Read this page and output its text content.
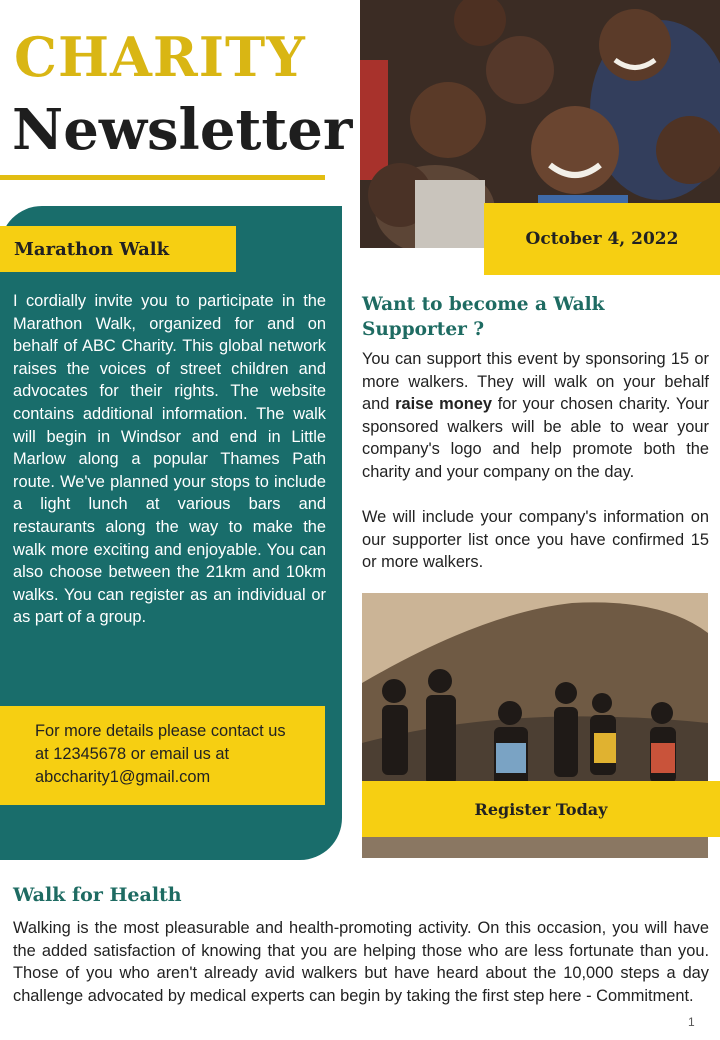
CHARITY
Newsletter
Marathon Walk
I cordially invite you to participate in the Marathon Walk, organized for and on behalf of ABC Charity. This global network raises the voices of street children and advocates for their rights. The website contains additional information. The walk will begin in Windsor and end in Little Marlow along a popular Thames Path route. We've planned your stops to include a light lunch at various bars and restaurants along the way to make the walk more exciting and enjoyable. You can also choose between the 21km and 10km walks. You can register as an individual or as part of a group.
For more details please contact us at 12345678 or email us at abccharity1@gmail.com
October 4, 2022
Want to become a Walk Supporter ?
You can support this event by sponsoring 15 or more walkers. They will walk on your behalf and raise money for your chosen charity. Your sponsored walkers will be able to wear your company's logo and help promote both the charity and your company on the day.
We will include your company's information on our supporter list once you have confirmed 15 or more walkers.
Register Today
Walk for Health
Walking is the most pleasurable and health-promoting activity. On this occasion, you will have the added satisfaction of knowing that you are helping those who are less fortunate than you. Those of you who aren't already avid walkers but have heard about the 10,000 steps a day challenge advocated by medical experts can begin by taking the first step here - Commitment.
1
